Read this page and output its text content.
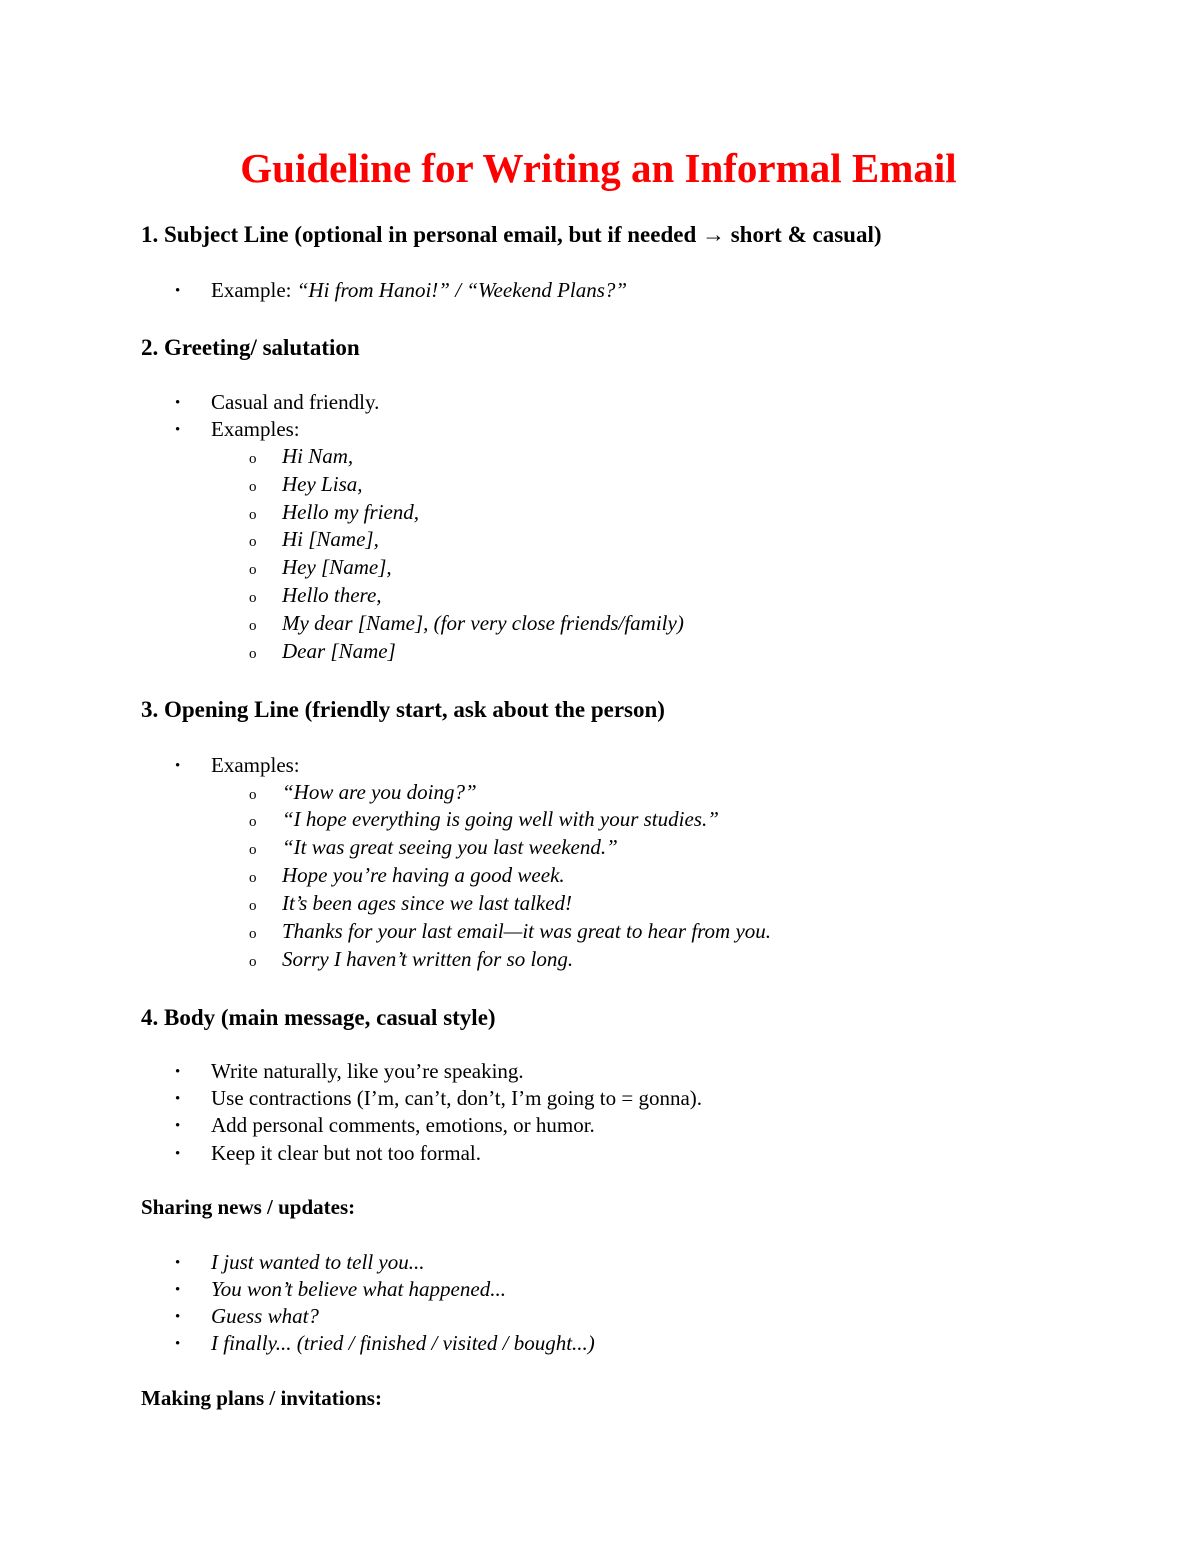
Guideline for Writing an Informal Email
1. Subject Line (optional in personal email, but if needed → short & casual)
• Example: “Hi from Hanoi!” / “Weekend Plans?”
2. Greeting/ salutation
• Casual and friendly.
• Examples:
o Hi Nam,
o Hey Lisa,
o Hello my friend,
o Hi [Name],
o Hey [Name],
o Hello there,
o My dear [Name], (for very close friends/family)
o Dear [Name]
3. Opening Line (friendly start, ask about the person)
• Examples:
o “How are you doing?”
o “I hope everything is going well with your studies.”
o “It was great seeing you last weekend.”
o Hope you’re having a good week.
o It’s been ages since we last talked!
o Thanks for your last email—it was great to hear from you.
o Sorry I haven’t written for so long.
4. Body (main message, casual style)
• Write naturally, like you’re speaking.
• Use contractions (I’m, can’t, don’t, I’m going to = gonna).
• Add personal comments, emotions, or humor.
• Keep it clear but not too formal.
Sharing news / updates:
• I just wanted to tell you...
• You won’t believe what happened...
• Guess what?
• I finally... (tried / finished / visited / bought...)
Making plans / invitations:
